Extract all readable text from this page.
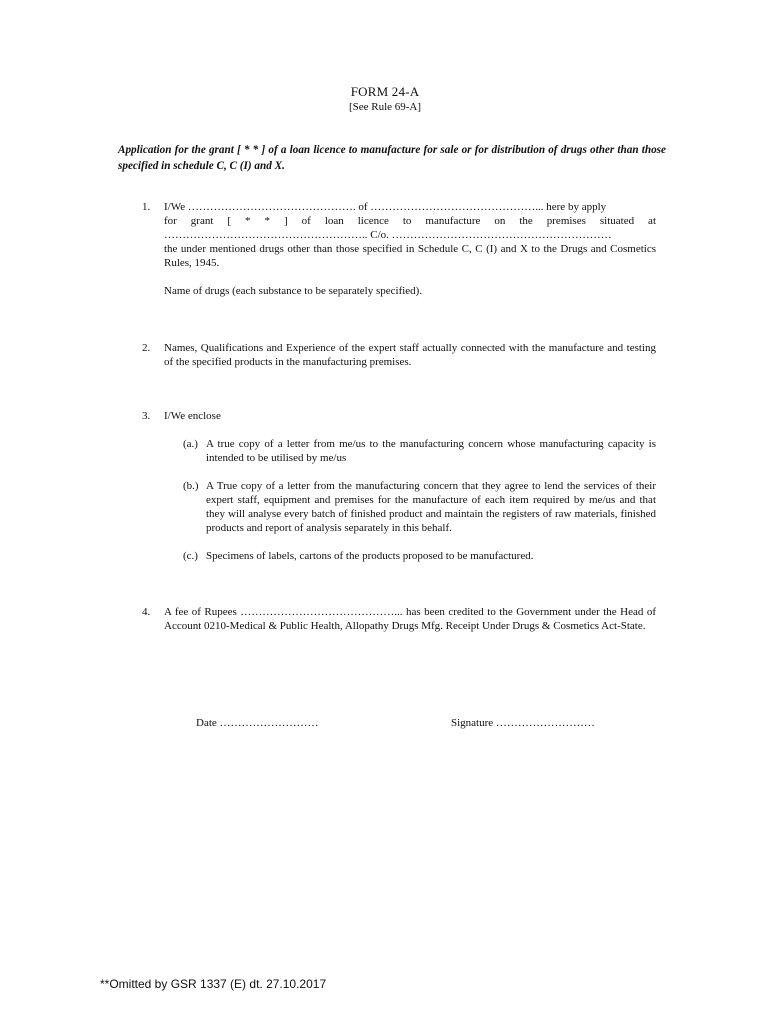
FORM 24-A
[See Rule 69-A]
Application for the grant [ * * ] of a loan licence to manufacture for sale or for distribution of drugs other than those specified in schedule C, C (I) and X.
1. I/We ………………………………………. of ………………………………………... here by apply
for grant [ * * ] of loan licence to manufacture on the premises situated at
……………………………………………….. C/o. ……………………………………………………
the under mentioned drugs other than those specified in Schedule C, C (I) and X to the Drugs and Cosmetics Rules, 1945.
Name of drugs (each substance to be separately specified).
2. Names, Qualifications and Experience of the expert staff actually connected with the manufacture and testing of the specified products in the manufacturing premises.
3. I/We enclose
(a.) A true copy of a letter from me/us to the manufacturing concern whose manufacturing capacity is intended to be utilised by me/us
(b.) A True copy of a letter from the manufacturing concern that they agree to lend the services of their expert staff, equipment and premises for the manufacture of each item required by me/us and that they will analyse every batch of finished product and maintain the registers of raw materials, finished products and report of analysis separately in this behalf.
(c.) Specimens of labels, cartons of the products proposed to be manufactured.
4. A fee of Rupees ……………………………………... has been credited to the Government under the Head of Account 0210-Medical & Public Health, Allopathy Drugs Mfg. Receipt Under Drugs & Cosmetics Act-State.
Date ………………………	Signature ………………………
**Omitted by GSR 1337 (E) dt. 27.10.2017
